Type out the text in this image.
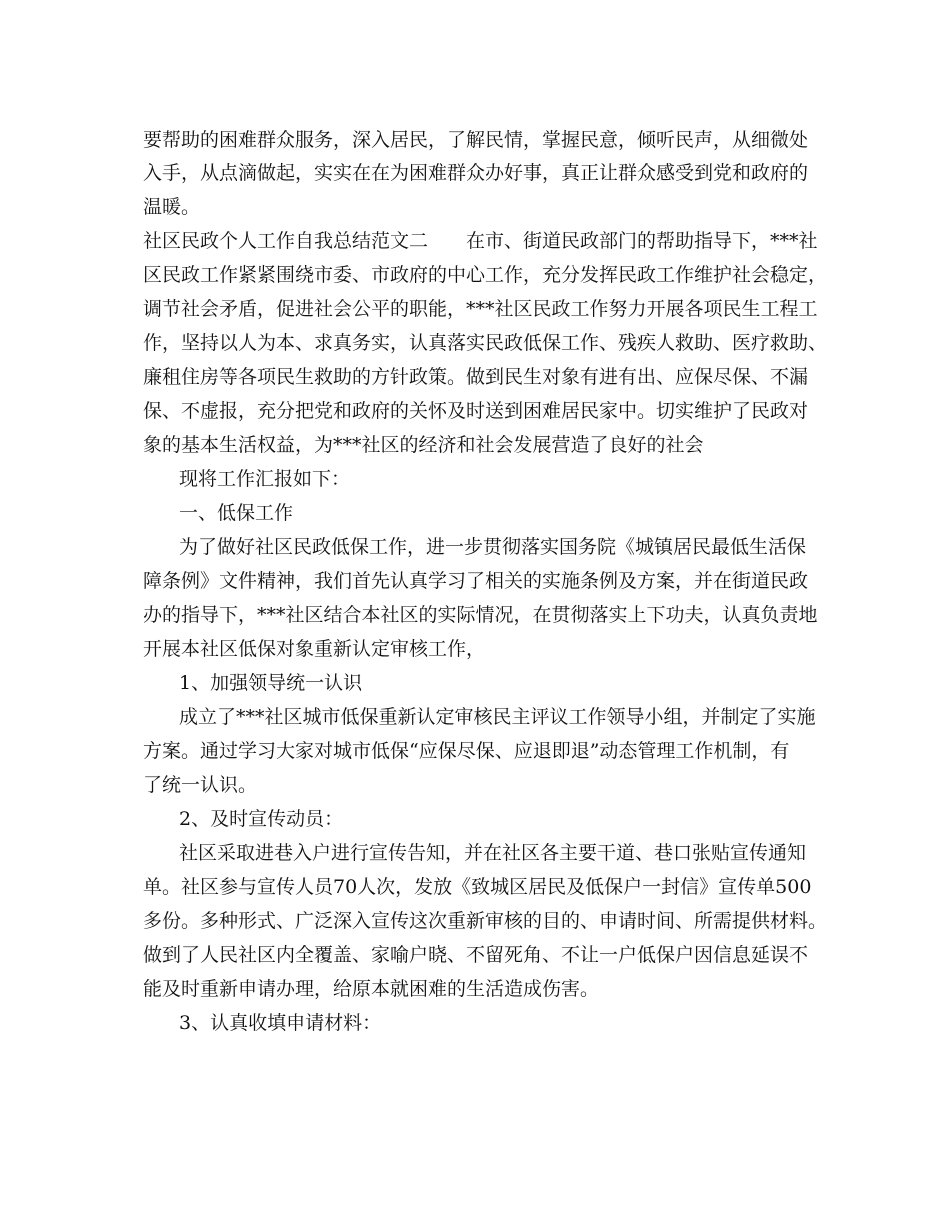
要帮助的困难群众服务，深入居民，了解民情，掌握民意，倾听民声，从细微处
入手，从点滴做起，实实在在为困难群众办好事，真正让群众感受到党和政府的
温暖。
社区民政个人工作自我总结范文二　　在市、街道民政部门的帮助指导下，***社
区民政工作紧紧围绕市委、市政府的中心工作，充分发挥民政工作维护社会稳定，
调节社会矛盾，促进社会公平的职能，***社区民政工作努力开展各项民生工程工
作，坚持以人为本、求真务实，认真落实民政低保工作、残疾人救助、医疗救助、
廉租住房等各项民生救助的方针政策。做到民生对象有进有出、应保尽保、不漏
保、不虚报，充分把党和政府的关怀及时送到困难居民家中。切实维护了民政对
象的基本生活权益，为***社区的经济和社会发展营造了良好的社会
现将工作汇报如下：
一、低保工作
为了做好社区民政低保工作，进一步贯彻落实国务院《城镇居民最低生活保
障条例》文件精神，我们首先认真学习了相关的实施条例及方案，并在街道民政
办的指导下，***社区结合本社区的实际情况，在贯彻落实上下功夫，认真负责地
开展本社区低保对象重新认定审核工作，
1、加强领导统一认识
成立了***社区城市低保重新认定审核民主评议工作领导小组，并制定了实施
方案。通过学习大家对城市低保“应保尽保、应退即退”动态管理工作机制，有
了统一认识。
2、及时宣传动员：
社区采取进巷入户进行宣传告知，并在社区各主要干道、巷口张贴宣传通知
单。社区参与宣传人员70人次，发放《致城区居民及低保户一封信》宣传单500
多份。多种形式、广泛深入宣传这次重新审核的目的、申请时间、所需提供材料。
做到了人民社区内全覆盖、家喻户晓、不留死角、不让一户低保户因信息延误不
能及时重新申请办理，给原本就困难的生活造成伤害。
3、认真收填申请材料：
